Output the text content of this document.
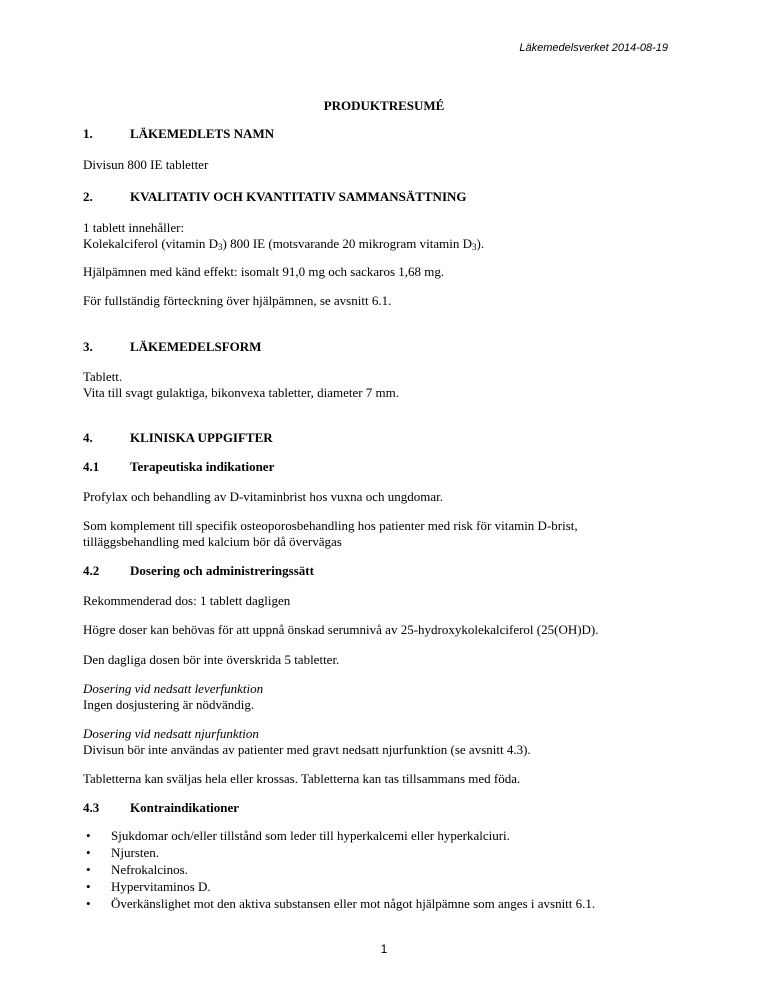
Läkemedelsverket 2014-08-19
PRODUKTRESUMÉ
1.	LÄKEMEDLETS NAMN
Divisun 800 IE tabletter
2.	KVALITATIV OCH KVANTITATIV SAMMANSÄTTNING
1 tablett innehåller:
Kolekalciferol (vitamin $D_3$) 800 IE (motsvarande 20 mikrogram vitamin $D_3$).
Hjälpämnen med känd effekt: isomalt 91,0 mg och sackaros 1,68 mg.
För fullständig förteckning över hjälpämnen, se avsnitt 6.1.
3.	LÄKEMEDELSFORM
Tablett.
Vita till svagt gulaktiga, bikonvexa tabletter, diameter 7 mm.
4.	KLINISKA UPPGIFTER
4.1 Terapeutiska indikationer
Profylax och behandling av D-vitaminbrist hos vuxna och ungdomar.
Som komplement till specifik osteoporosbehandling hos patienter med risk för vitamin D-brist,
tilläggsbehandling med kalcium bör då övervägas
4.2 Dosering och administreringssätt
Rekommenderad dos: 1 tablett dagligen
Högre doser kan behövas för att uppnå önskad serumnivå av 25-hydroxykolekalciferol (25(OH)D).
Den dagliga dosen bör inte överskrida 5 tabletter.
Dosering vid nedsatt leverfunktion
Ingen dosjustering är nödvändig.
Dosering vid nedsatt njurfunktion
Divisun bör inte användas av patienter med gravt nedsatt njurfunktion (se avsnitt 4.3).
Tabletterna kan sväljas hela eller krossas. Tabletterna kan tas tillsammans med föda.
4.3 Kontraindikationer
• Sjukdomar och/eller tillstånd som leder till hyperkalcemi eller hyperkalciuri.
• Njursten.
• Nefrokalcinos.
• Hypervitaminos D.
• Överkänslighet mot den aktiva substansen eller mot något hjälpämne som anges i avsnitt 6.1.
1
